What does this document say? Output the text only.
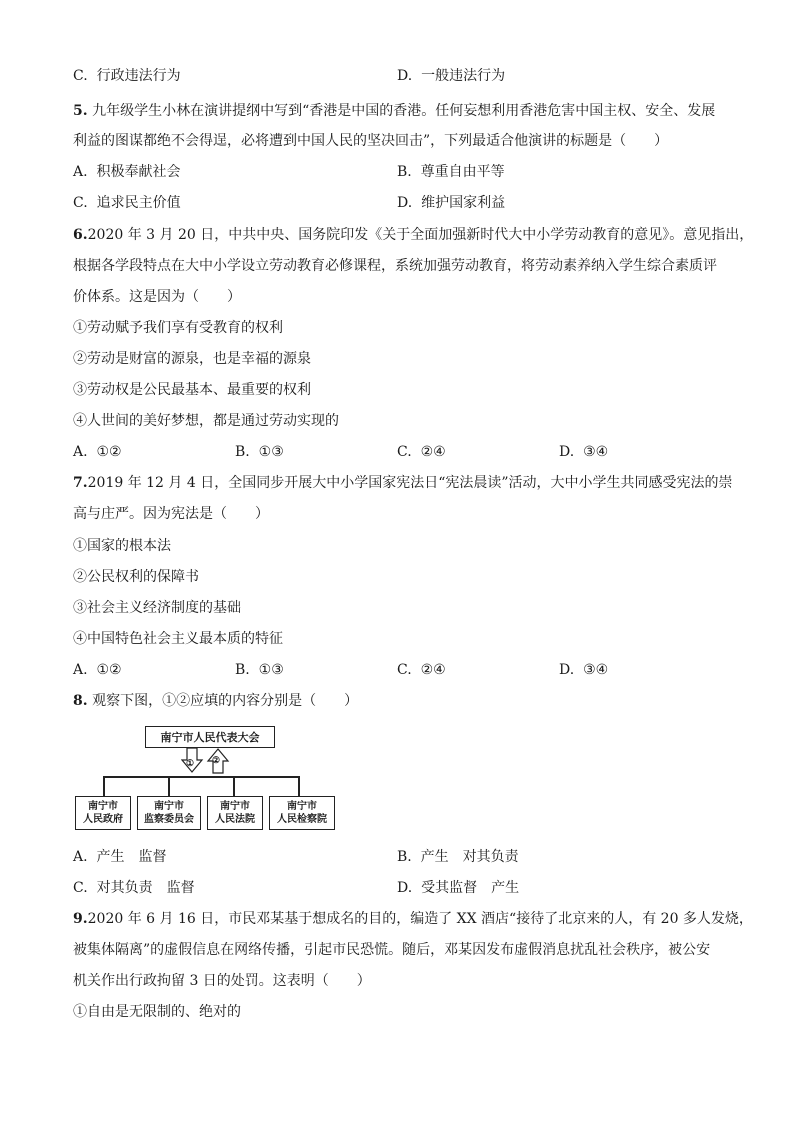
C. 行政违法行为	D. 一般违法行为
5. 九年级学生小林在演讲提纲中写到“香港是中国的香港。任何妄想利用香港危害中国主权、安全、发展
利益的图谋都绝不会得逞，必将遭到中国人民的坚决回击”，下列最适合他演讲的标题是（　　）
A. 积极奉献社会	B. 尊重自由平等
C. 追求民主价值	D. 维护国家利益
6.2020 年 3 月 20 日，中共中央、国务院印发《关于全面加强新时代大中小学劳动教育的意见》。意见指出，
根据各学段特点在大中小学设立劳动教育必修课程，系统加强劳动教育，将劳动素养纳入学生综合素质评
价体系。这是因为（　　）
①劳动赋予我们享有受教育的权利
②劳动是财富的源泉，也是幸福的源泉
③劳动权是公民最基本、最重要的权利
④人世间的美好梦想，都是通过劳动实现的
A. ①②	B. ①③	C. ②④	D. ③④
7.2019 年 12 月 4 日，全国同步开展大中小学国家宪法日“宪法晨读”活动，大中小学生共同感受宪法的崇
高与庄严。因为宪法是（　　）
①国家的根本法
②公民权利的保障书
③社会主义经济制度的基础
④中国特色社会主义最本质的特征
A. ①②	B. ①③	C. ②④	D. ③④
8. 观察下图，①②应填的内容分别是（　　）
南宁市人民代表大会
① ②
南宁市
人民政府
南宁市
监察委员会
南宁市
人民法院
南宁市
人民检察院
A. 产生　监督	B. 产生　对其负责
C. 对其负责　监督	D. 受其监督　产生
9.2020 年 6 月 16 日，市民邓某基于想成名的目的，编造了 XX 酒店“接待了北京来的人，有 20 多人发烧，
被集体隔离”的虚假信息在网络传播，引起市民恐慌。随后，邓某因发布虚假消息扰乱社会秩序，被公安
机关作出行政拘留 3 日的处罚。这表明（　　）
①自由是无限制的、绝对的
